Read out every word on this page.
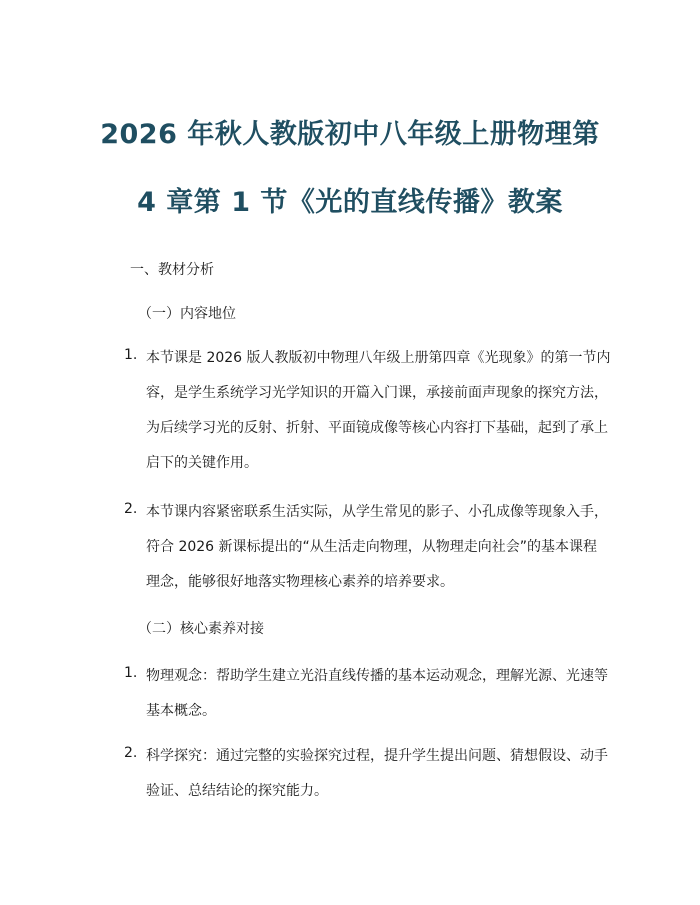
2026 年秋人教版初中八年级上册物理第
4 章第 1 节《光的直线传播》教案
一、教材分析
（一）内容地位
1. 本节课是 2026 版人教版初中物理八年级上册第四章《光现象》的第一节内
容，是学生系统学习光学知识的开篇入门课，承接前面声现象的探究方法，
为后续学习光的反射、折射、平面镜成像等核心内容打下基础，起到了承上
启下的关键作用。
2. 本节课内容紧密联系生活实际，从学生常见的影子、小孔成像等现象入手，
符合 2026 新课标提出的“从生活走向物理，从物理走向社会”的基本课程
理念，能够很好地落实物理核心素养的培养要求。
（二）核心素养对接
1. 物理观念：帮助学生建立光沿直线传播的基本运动观念，理解光源、光速等
基本概念。
2. 科学探究：通过完整的实验探究过程，提升学生提出问题、猜想假设、动手
验证、总结结论的探究能力。
